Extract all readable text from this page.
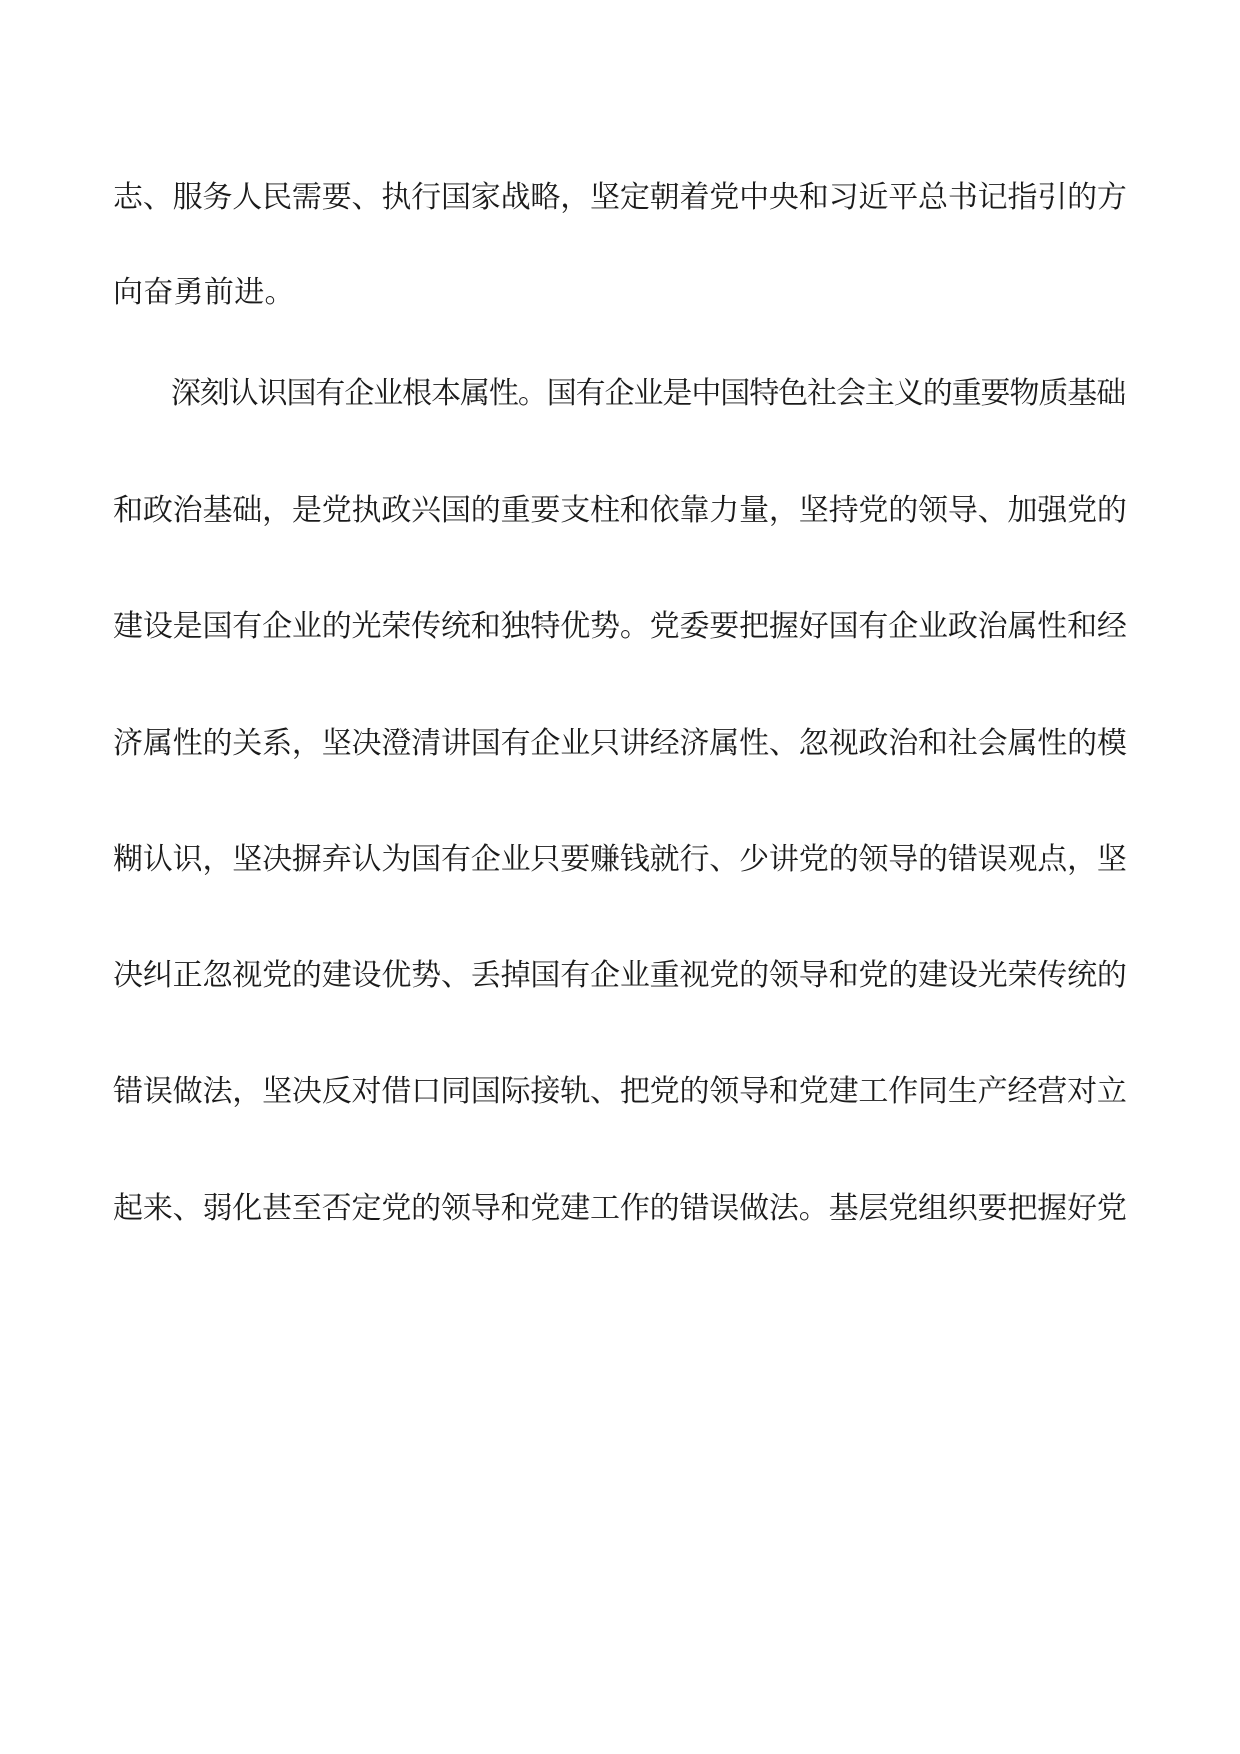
志、服务人民需要、执行国家战略，坚定朝着党中央和习近平总书记指引的方
向奋勇前进。
　　深刻认识国有企业根本属性。国有企业是中国特色社会主义的重要物质基础
和政治基础，是党执政兴国的重要支柱和依靠力量，坚持党的领导、加强党的
建设是国有企业的光荣传统和独特优势。党委要把握好国有企业政治属性和经
济属性的关系，坚决澄清讲国有企业只讲经济属性、忽视政治和社会属性的模
糊认识，坚决摒弃认为国有企业只要赚钱就行、少讲党的领导的错误观点，坚
决纠正忽视党的建设优势、丢掉国有企业重视党的领导和党的建设光荣传统的
错误做法，坚决反对借口同国际接轨、把党的领导和党建工作同生产经营对立
起来、弱化甚至否定党的领导和党建工作的错误做法。基层党组织要把握好党
